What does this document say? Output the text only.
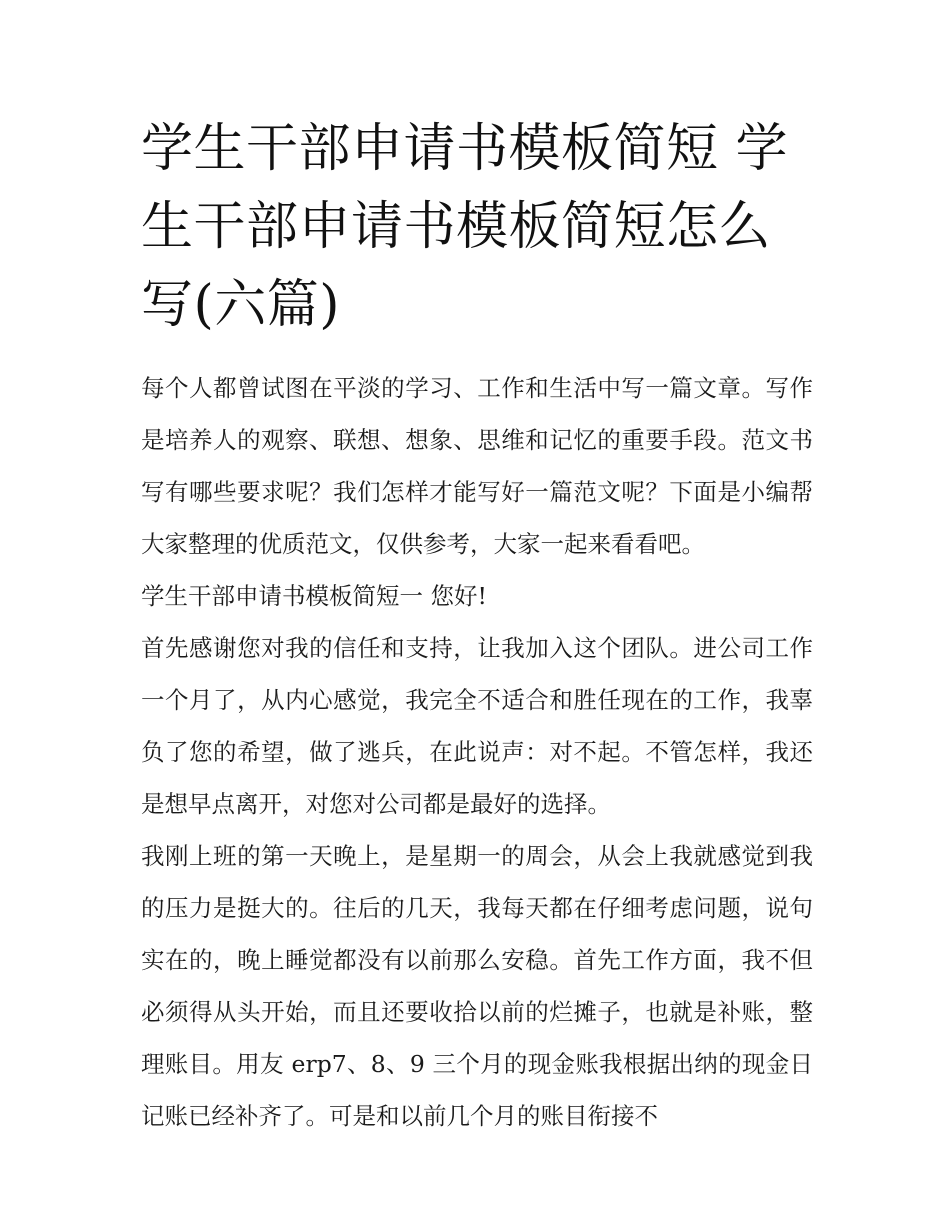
学生干部申请书模板简短 学生干部申请书模板简短怎么写(六篇)

每个人都曾试图在平淡的学习、工作和生活中写一篇文章。写作是培养人的观察、联想、想象、思维和记忆的重要手段。范文书写有哪些要求呢？我们怎样才能写好一篇范文呢？下面是小编帮大家整理的优质范文，仅供参考，大家一起来看看吧。

学生干部申请书模板简短一 您好!

首先感谢您对我的信任和支持，让我加入这个团队。进公司工作一个月了，从内心感觉，我完全不适合和胜任现在的工作，我辜负了您的希望，做了逃兵，在此说声：对不起。不管怎样，我还是想早点离开，对您对公司都是最好的选择。

我刚上班的第一天晚上，是星期一的周会，从会上我就感觉到我的压力是挺大的。往后的几天，我每天都在仔细考虑问题，说句实在的，晚上睡觉都没有以前那么安稳。首先工作方面，我不但必须得从头开始，而且还要收拾以前的烂摊子，也就是补账，整理账目。用友 erp7、8、9 三个月的现金账我根据出纳的现金日记账已经补齐了。可是和以前几个月的账目衔接不
